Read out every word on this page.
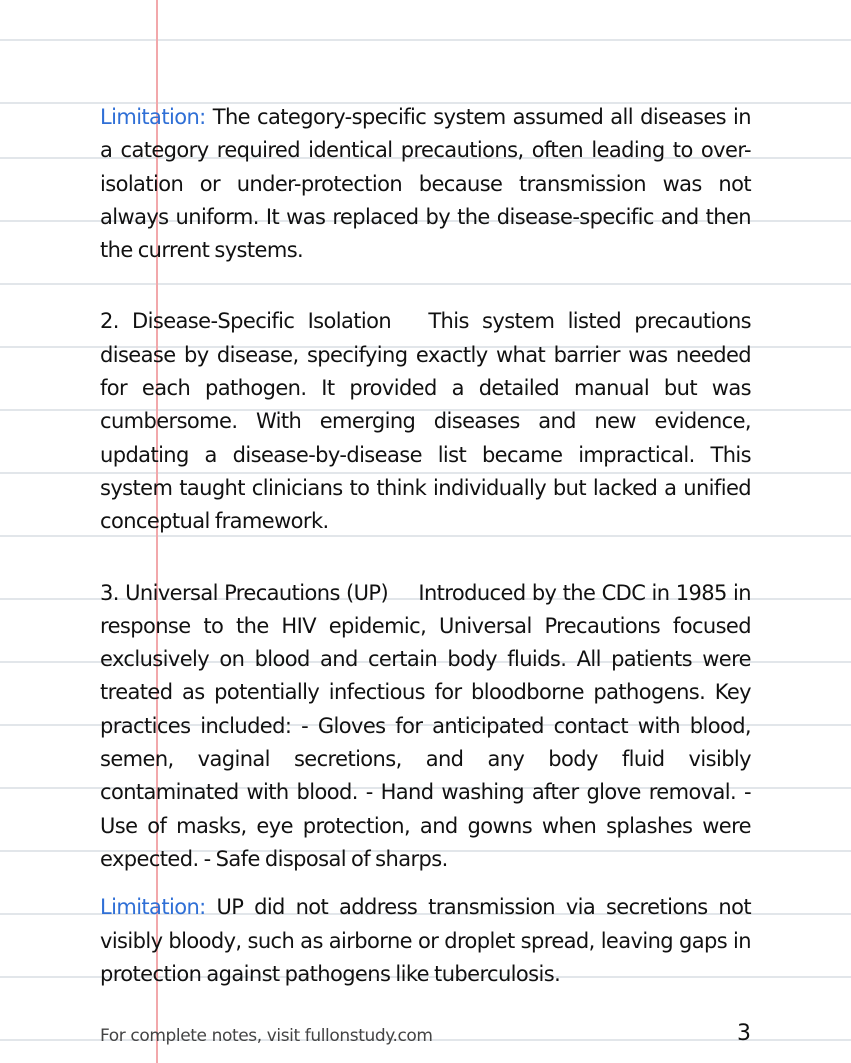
Limitation: The category-specific system assumed all diseases in a category required identical precautions, often leading to over-isolation or under-protection because transmission was not always uniform. It was replaced by the disease-specific and then the current systems.

2. Disease-Specific Isolation This system listed precautions disease by disease, specifying exactly what barrier was needed for each pathogen. It provided a detailed manual but was cumbersome. With emerging diseases and new evidence, updating a disease-by-disease list became impractical. This system taught clinicians to think individually but lacked a unified conceptual framework.

3. Universal Precautions (UP) Introduced by the CDC in 1985 in response to the HIV epidemic, Universal Precautions focused exclusively on blood and certain body fluids. All patients were treated as potentially infectious for bloodborne pathogens. Key practices included: - Gloves for anticipated contact with blood, semen, vaginal secretions, and any body fluid visibly contaminated with blood. - Hand washing after glove removal. - Use of masks, eye protection, and gowns when splashes were expected. - Safe disposal of sharps.

Limitation: UP did not address transmission via secretions not visibly bloody, such as airborne or droplet spread, leaving gaps in protection against pathogens like tuberculosis.

For complete notes, visit fullonstudy.com	3
